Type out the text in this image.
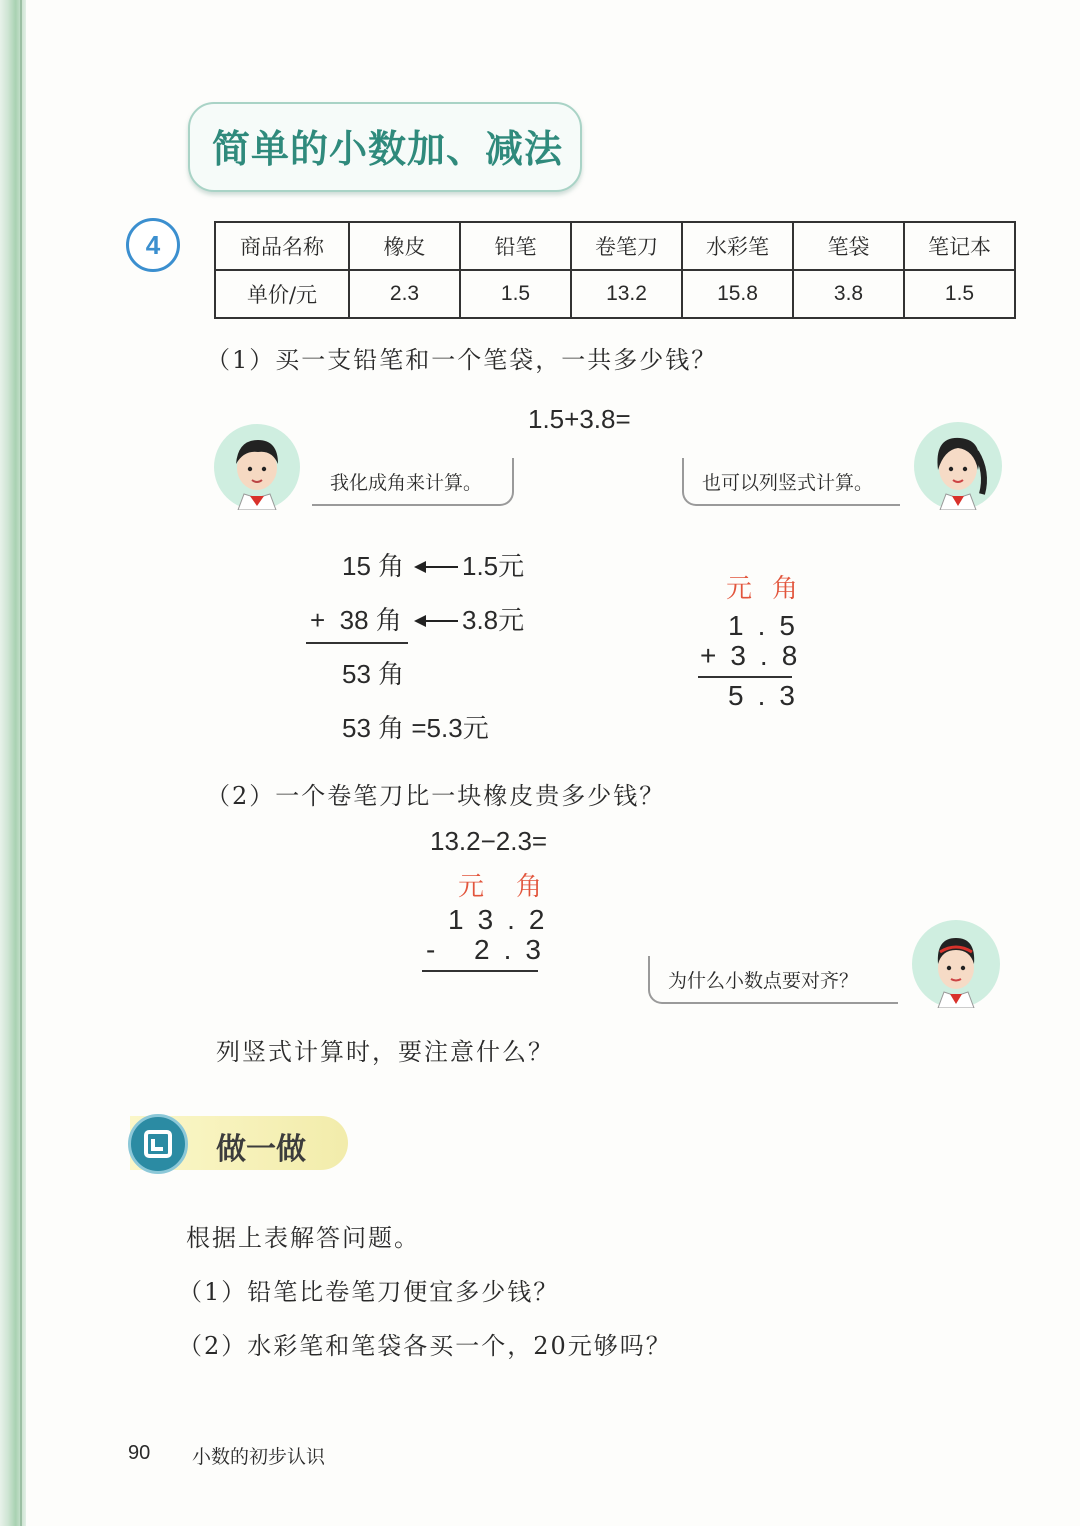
简单的小数加、减法
4	商品名称	橡皮	铅笔	卷笔刀	水彩笔	笔袋	笔记本
单价/元	2.3	1.5	13.2	15.8	3.8	1.5
（1）买一支铅笔和一个笔袋，一共多少钱？
1.5+3.8=
我化成角来计算。	也可以列竖式计算。
15 角 1.5元
+  38 角 3.8元
53 角
53 角 =5.3元
元 角
1.5
+3.8
5.3
（2）一个卷笔刀比一块橡皮贵多少钱？
13.2−2.3=
元 角
13.2
- 2.3
为什么小数点要对齐？
列竖式计算时，要注意什么？
做一做
根据上表解答问题。
（1）铅笔比卷笔刀便宜多少钱？
（2）水彩笔和笔袋各买一个，20元够吗？
90 小数的初步认识
